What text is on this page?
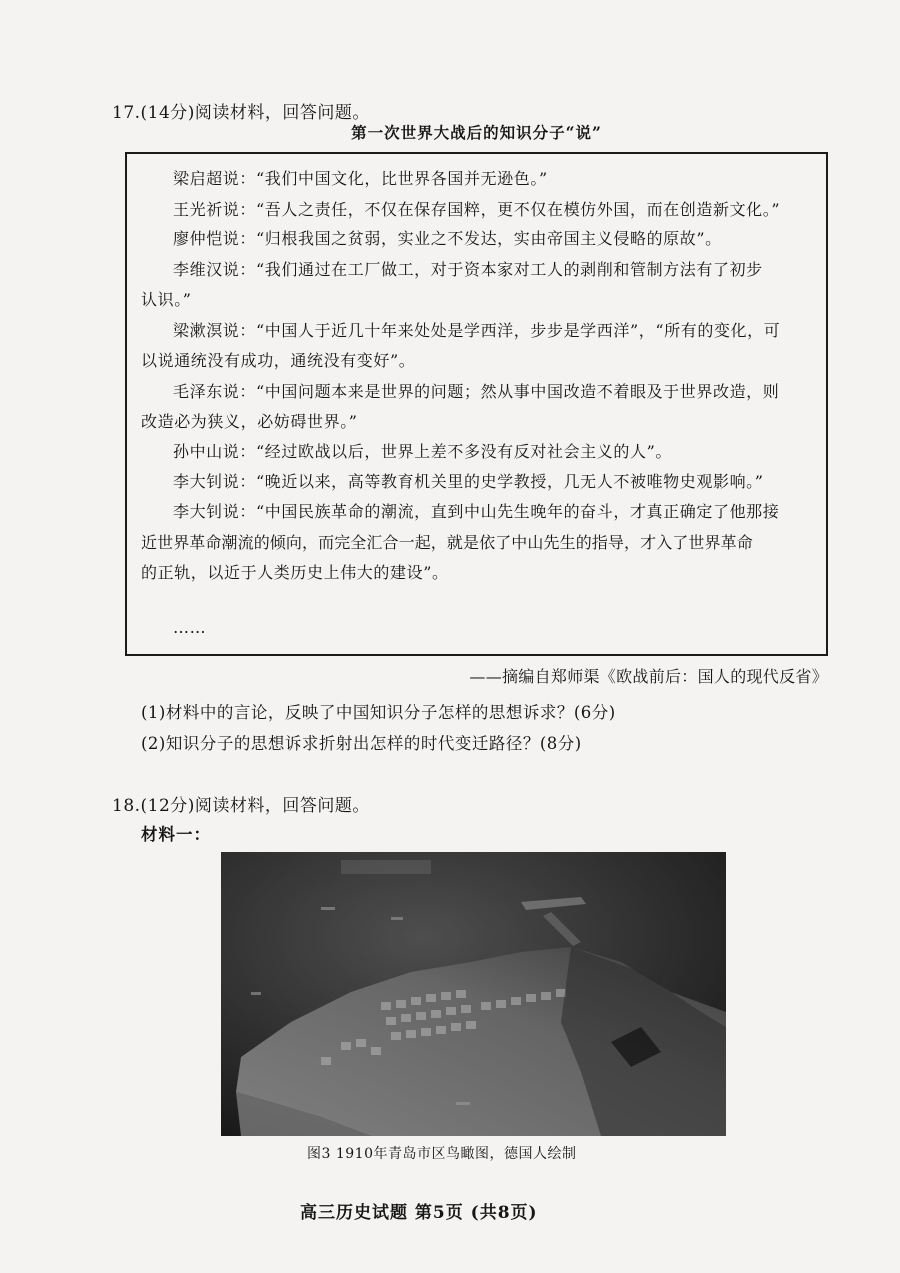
17.(14分)阅读材料，回答问题。
第一次世界大战后的知识分子“说”
梁启超说：“我们中国文化，比世界各国并无逊色。”
王光祈说：“吾人之责任，不仅在保存国粹，更不仅在模仿外国，而在创造新文化。”
廖仲恺说：“归根我国之贫弱，实业之不发达，实由帝国主义侵略的原故”。
李维汉说：“我们通过在工厂做工，对于资本家对工人的剥削和管制方法有了初步
认识。”
梁漱溟说：“中国人于近几十年来处处是学西洋，步步是学西洋”，“所有的变化，可
以说通统没有成功，通统没有变好”。
毛泽东说：“中国问题本来是世界的问题；然从事中国改造不着眼及于世界改造，则
改造必为狭义，必妨碍世界。”
孙中山说：“经过欧战以后，世界上差不多没有反对社会主义的人”。
李大钊说：“晚近以来，高等教育机关里的史学教授，几无人不被唯物史观影响。”
李大钊说：“中国民族革命的潮流，直到中山先生晚年的奋斗，才真正确定了他那接
近世界革命潮流的倾向，而完全汇合一起，就是依了中山先生的指导，才入了世界革命
的正轨，以近于人类历史上伟大的建设”。
……
——摘编自郑师渠《欧战前后：国人的现代反省》
(1)材料中的言论，反映了中国知识分子怎样的思想诉求？(6分)
(2)知识分子的思想诉求折射出怎样的时代变迁路径？(8分)
18.(12分)阅读材料，回答问题。
材料一：
图3 1910年青岛市区鸟瞰图，德国人绘制
高三历史试题 第5页 (共8页)
